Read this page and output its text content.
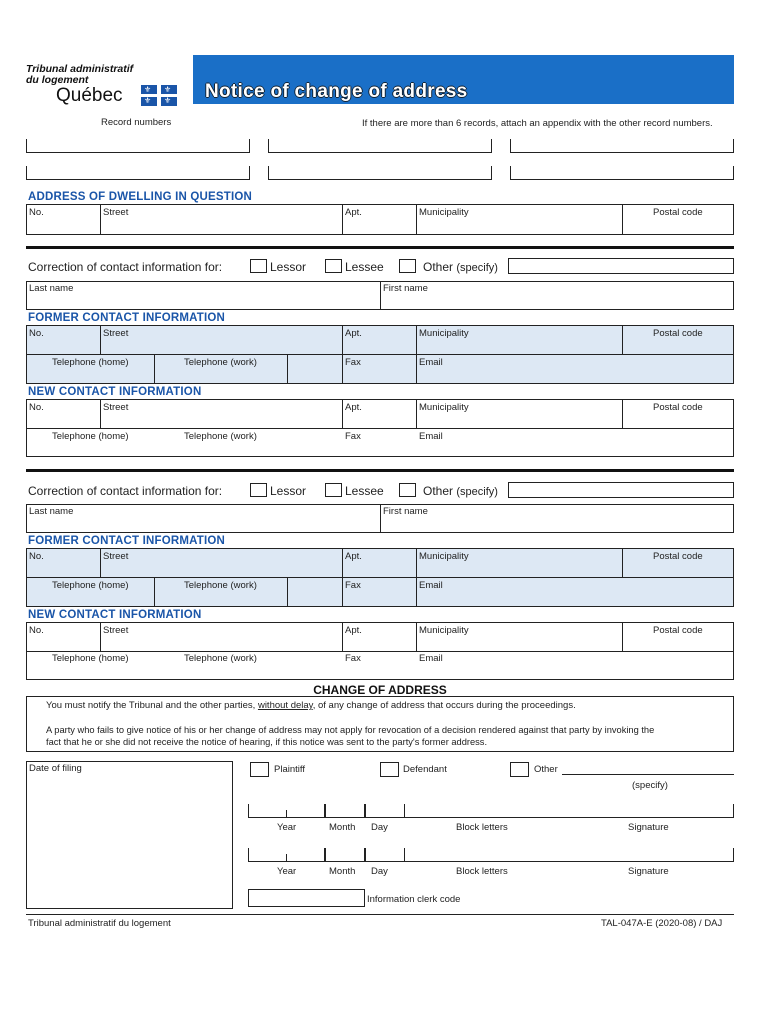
Tribunal administratif
du logement
Québec	⚜ ⚜
⚜ ⚜ Notice of change of address
Record numbers	If there are more than 6 records, attach an appendix with the other record numbers.
ADDRESS OF DWELLING IN QUESTION
No.	Street	Apt.	Municipality	Postal code
Correction of contact information for:	Lessor	Lessee	Other (specify)
Last name	First name
FORMER CONTACT INFORMATION
No.	Street	Apt.	Municipality	Postal code
Telephone (home)	Telephone (work)	Fax	Email
NEW CONTACT INFORMATION
No.	Street	Apt.	Municipality	Postal code
Telephone (home)	Telephone (work)	Fax	Email
Correction of contact information for:	Lessor	Lessee	Other (specify)
Last name	First name
FORMER CONTACT INFORMATION
No.	Street	Apt.	Municipality	Postal code
Telephone (home)	Telephone (work)	Fax	Email
NEW CONTACT INFORMATION
No.	Street	Apt.	Municipality	Postal code
Telephone (home)	Telephone (work)	Fax	Email
CHANGE OF ADDRESS
You must notify the Tribunal and the other parties, without delay, of any change of address that occurs during the proceedings.
A party who fails to give notice of his or her change of address may not apply for revocation of a decision rendered against that party by invoking the
fact that he or she did not receive the notice of hearing, if this notice was sent to the party's former address.
Date of filing	Plaintiff	Defendant	Other
(specify)
Year	Month Day	Block letters	Signature
Year	Month Day	Block letters	Signature
Information clerk code
Tribunal administratif du logement	TAL-047A-E (2020-08) / DAJ
